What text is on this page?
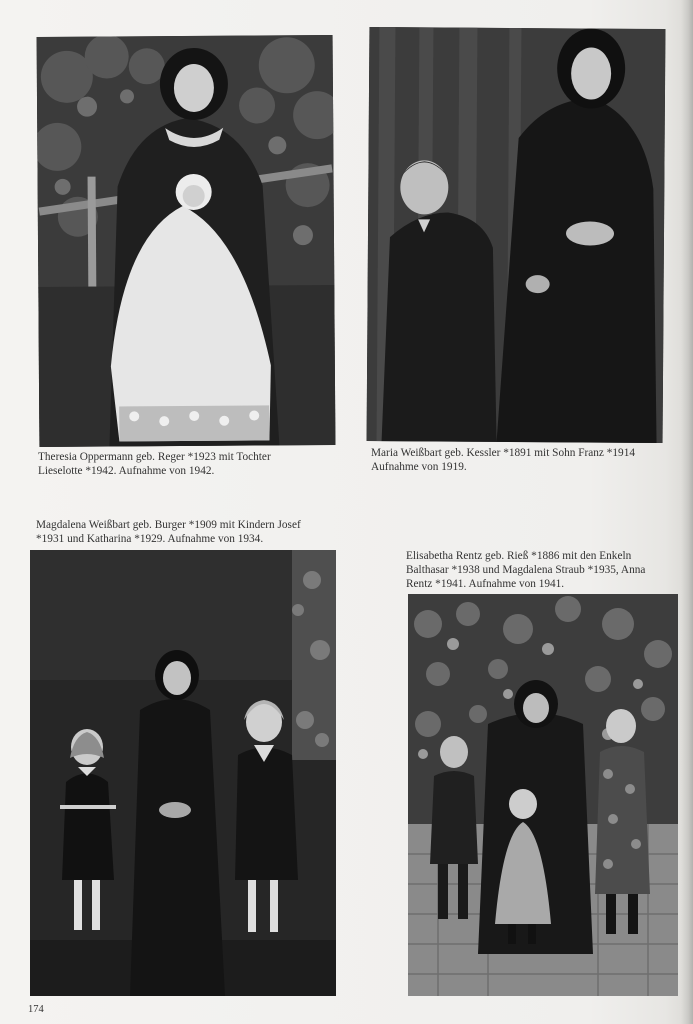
Theresia Oppermann geb. Reger *1923 mit Tochter
Lieselotte *1942. Aufnahme von 1942.

Maria Weißbart geb. Kessler *1891 mit Sohn Franz *1914
Aufnahme von 1919.

Magdalena Weißbart geb. Burger *1909 mit Kindern Josef
*1931 und Katharina *1929. Aufnahme von 1934.

Elisabetha Rentz geb. Rieß *1886 mit den Enkeln
Balthasar *1938 und Magdalena Straub *1935, Anna
Rentz *1941. Aufnahme von 1941.

174
